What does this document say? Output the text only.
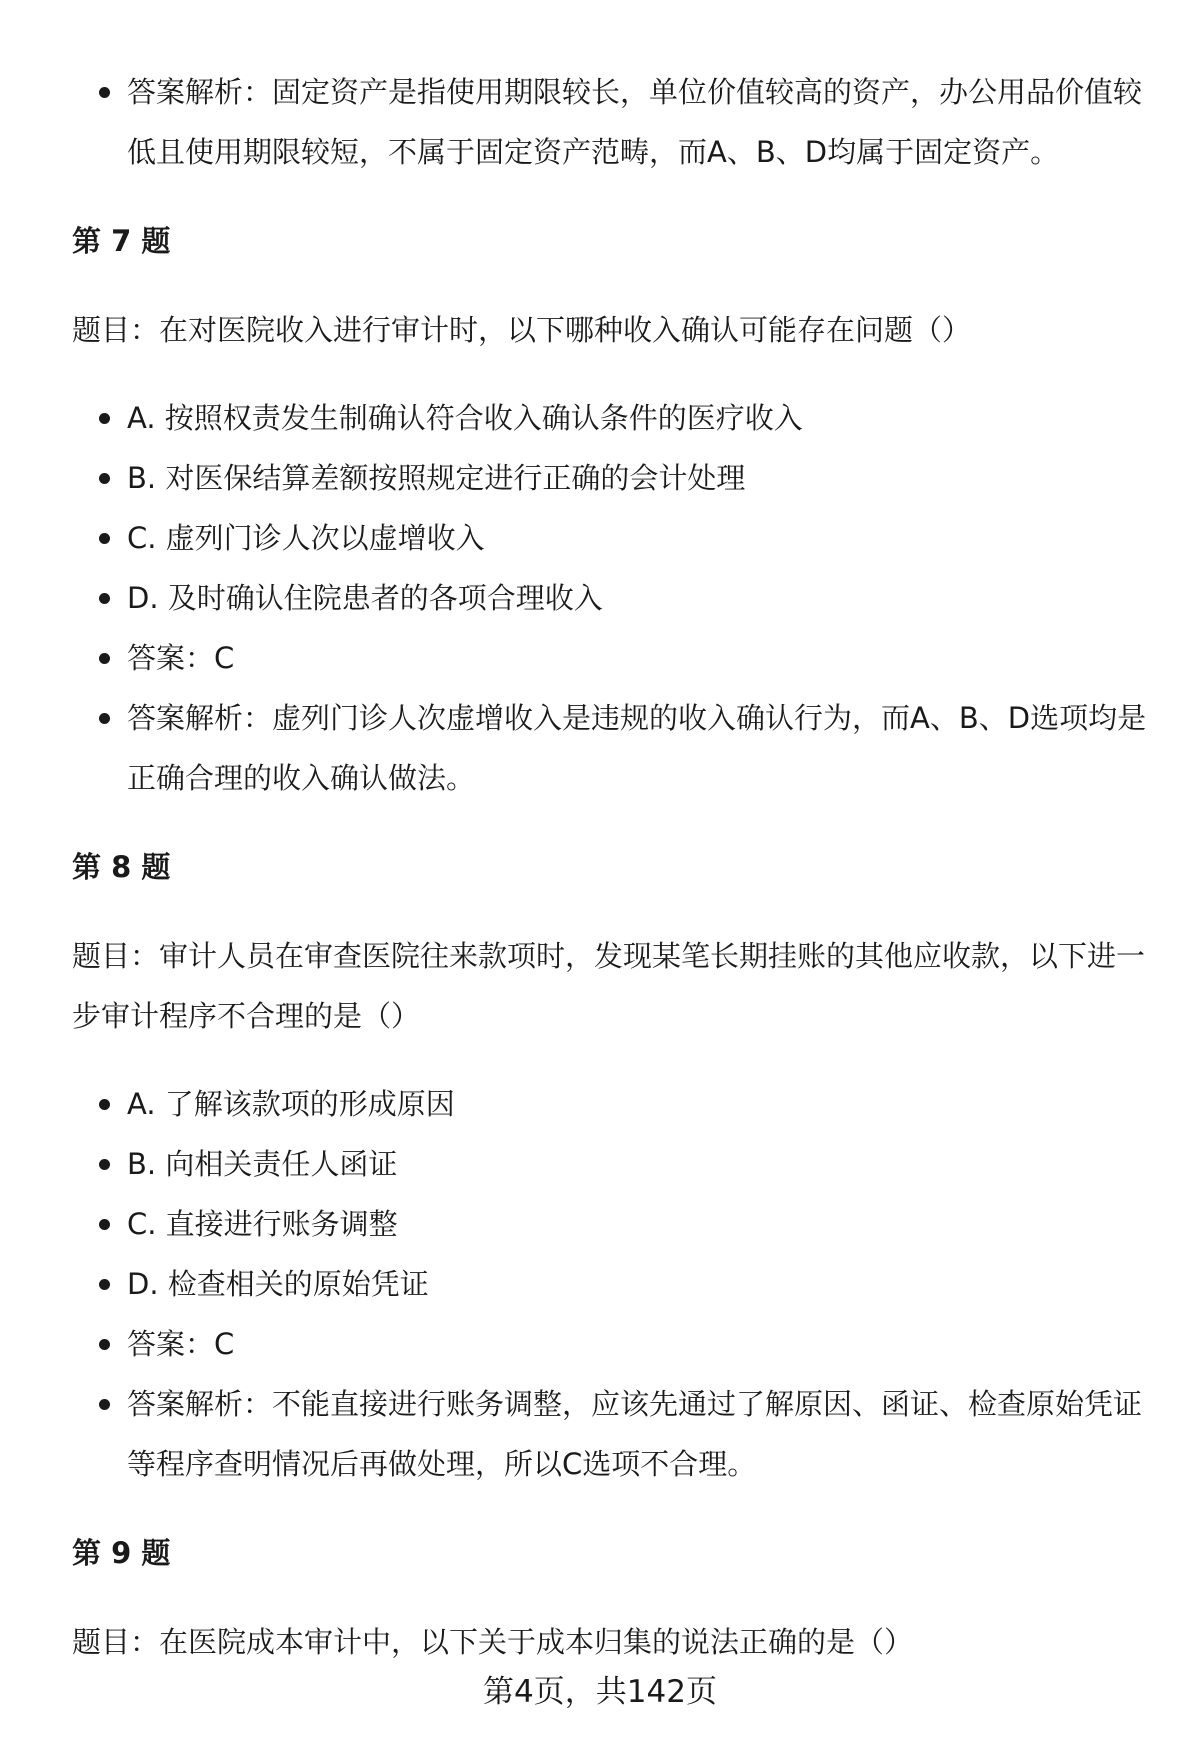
答案解析：固定资产是指使用期限较长，单位价值较高的资产，办公用品价值较低且使用期限较短，不属于固定资产范畴，而A、B、D均属于固定资产。
第 7 题

题目：在对医院收入进行审计时，以下哪种收入确认可能存在问题（）

A. 按照权责发生制确认符合收入确认条件的医疗收入
B. 对医保结算差额按照规定进行正确的会计处理
C. 虚列门诊人次以虚增收入
D. 及时确认住院患者的各项合理收入
答案：C
答案解析：虚列门诊人次虚增收入是违规的收入确认行为，而A、B、D选项均是正确合理的收入确认做法。
第 8 题

题目：审计人员在审查医院往来款项时，发现某笔长期挂账的其他应收款，以下进一步审计程序不合理的是（）

A. 了解该款项的形成原因
B. 向相关责任人函证
C. 直接进行账务调整
D. 检查相关的原始凭证
答案：C
答案解析：不能直接进行账务调整，应该先通过了解原因、函证、检查原始凭证等程序查明情况后再做处理，所以C选项不合理。
第 9 题

题目：在医院成本审计中，以下关于成本归集的说法正确的是（）

第4页，共142页
